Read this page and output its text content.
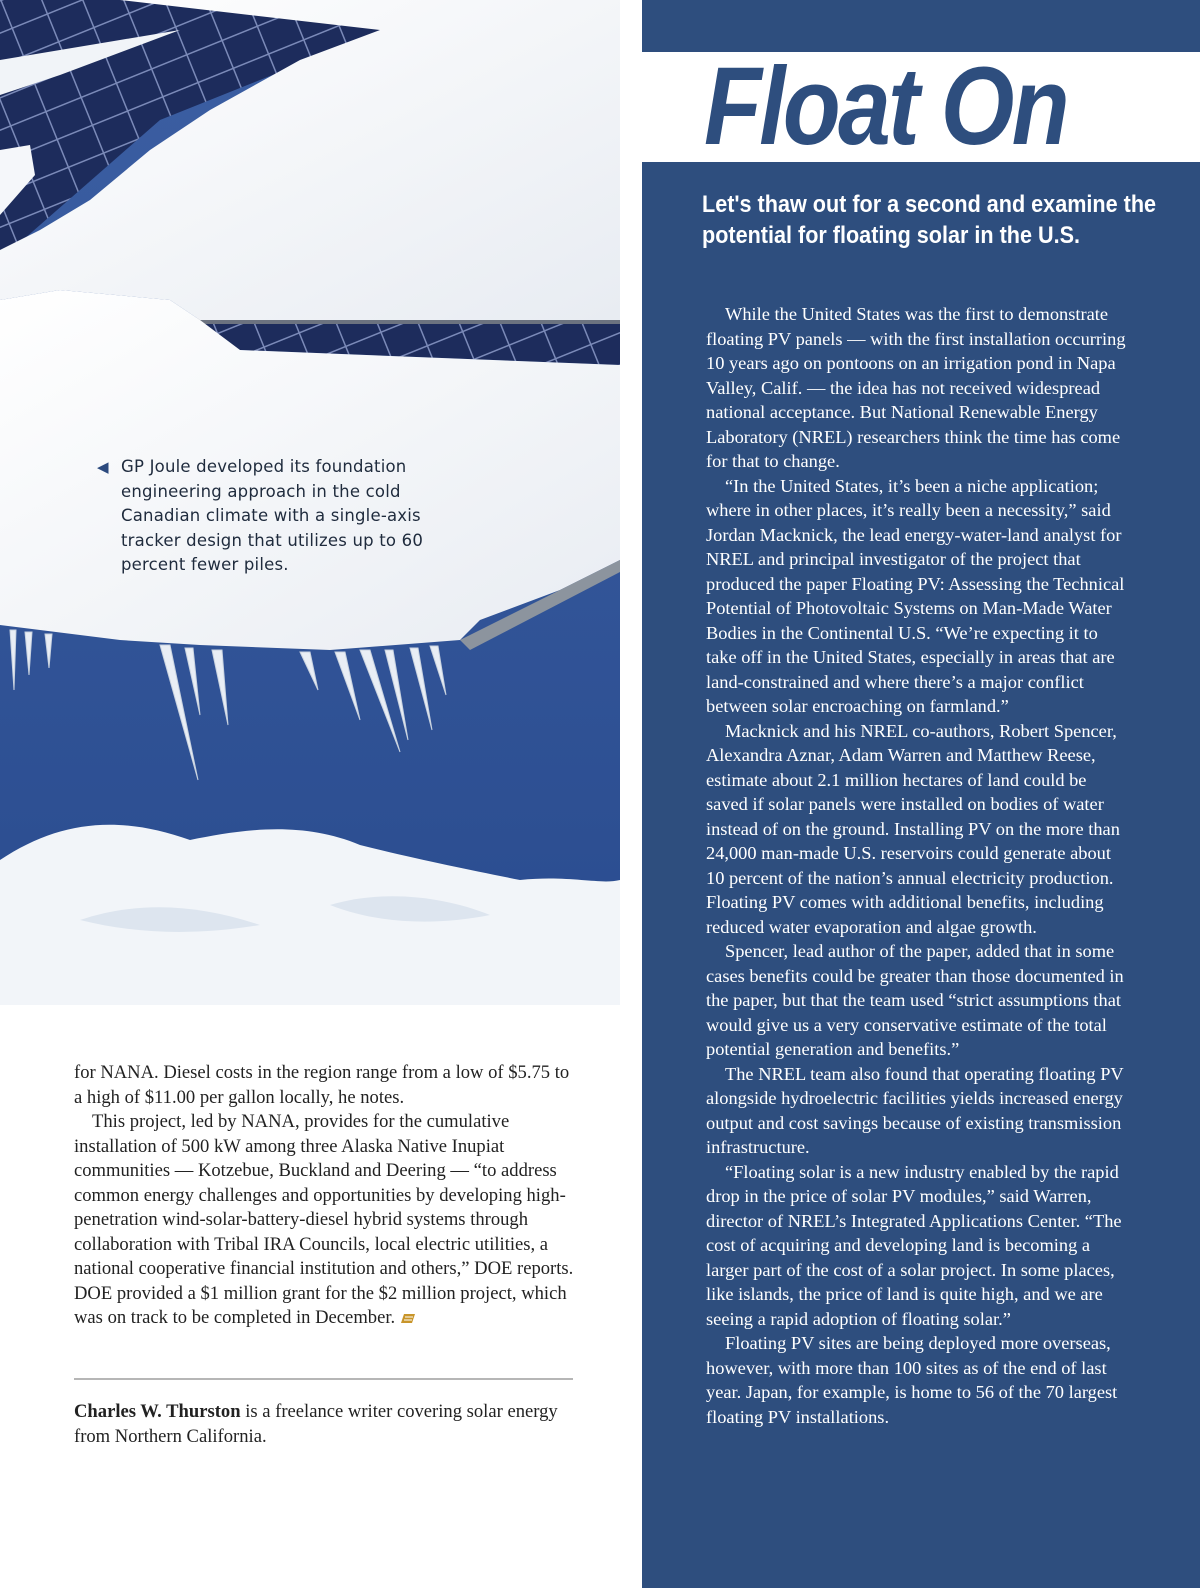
◀ GP Joule developed its foundation engineering approach in the cold Canadian climate with a single-axis tracker design that utilizes up to 60 percent fewer piles.

for NANA. Diesel costs in the region range from a low of $5.75 to a high of $11.00 per gallon locally, he notes.

This project, led by NANA, provides for the cumulative installation of 500 kW among three Alaska Native Inupiat communities — Kotzebue, Buckland and Deering — “to address common energy challenges and opportunities by developing high-penetration wind-solar-battery-diesel hybrid systems through collaboration with Tribal IRA Councils, local electric utilities, a national cooperative financial institution and others,” DOE reports. DOE provided a $1 million grant for the $2 million project, which was on track to be completed in December.

Charles W. Thurston is a freelance writer covering solar energy from Northern California.
Float On
Let's thaw out for a second and examine the potential for floating solar in the U.S.

While the United States was the first to demonstrate floating PV panels — with the first installation occurring 10 years ago on pontoons on an irrigation pond in Napa Valley, Calif. — the idea has not received widespread national acceptance. But National Renewable Energy Laboratory (NREL) researchers think the time has come for that to change.

“In the United States, it’s been a niche application; where in other places, it’s really been a necessity,” said Jordan Macknick, the lead energy-water-land analyst for NREL and principal investigator of the project that produced the paper Floating PV: Assessing the Technical Potential of Photovoltaic Systems on Man-Made Water Bodies in the Continental U.S. “We’re expecting it to take off in the United States, especially in areas that are land-constrained and where there’s a major conflict between solar encroaching on farmland.”

Macknick and his NREL co-authors, Robert Spencer, Alexandra Aznar, Adam Warren and Matthew Reese, estimate about 2.1 million hectares of land could be saved if solar panels were installed on bodies of water instead of on the ground. Installing PV on the more than 24,000 man-made U.S. reservoirs could generate about 10 percent of the nation’s annual electricity production. Floating PV comes with additional benefits, including reduced water evaporation and algae growth.

Spencer, lead author of the paper, added that in some cases benefits could be greater than those documented in the paper, but that the team used “strict assumptions that would give us a very conservative estimate of the total potential generation and benefits.”

The NREL team also found that operating floating PV alongside hydroelectric facilities yields increased energy output and cost savings because of existing transmission infrastructure.

“Floating solar is a new industry enabled by the rapid drop in the price of solar PV modules,” said Warren, director of NREL’s Integrated Applications Center. “The cost of acquiring and developing land is becoming a larger part of the cost of a solar project. In some places, like islands, the price of land is quite high, and we are seeing a rapid adoption of floating solar.”

Floating PV sites are being deployed more overseas, however, with more than 100 sites as of the end of last year. Japan, for example, is home to 56 of the 70 largest floating PV installations.
